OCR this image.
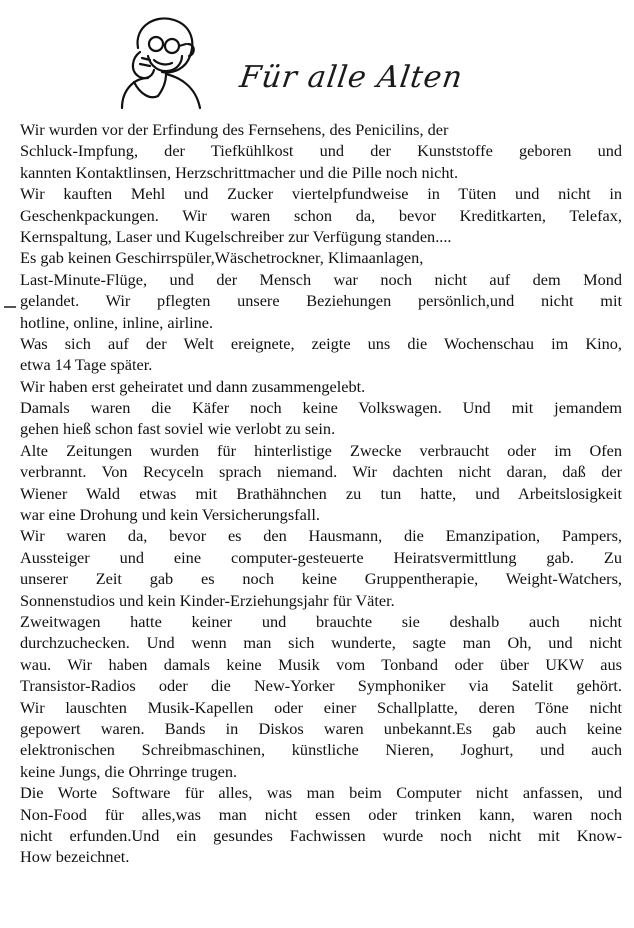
Für alle Alten
Wir wurden vor der Erfindung des Fernsehens, des Penicilins, der
Schluck-Impfung, der Tiefkühlkost und der Kunststoffe geboren und
kannten Kontaktlinsen, Herzschrittmacher und die Pille noch nicht.
Wir kauften Mehl und Zucker viertelpfundweise in Tüten und nicht in
Geschenkpackungen. Wir waren schon da, bevor Kreditkarten, Telefax,
Kernspaltung, Laser und Kugelschreiber zur Verfügung standen....
Es gab keinen Geschirrspüler,Wäschetrockner, Klimaanlagen,
Last-Minute-Flüge, und der Mensch war noch nicht auf dem Mond
gelandet. Wir pflegten unsere Beziehungen persönlich,und nicht mit
hotline, online, inline, airline.
Was sich auf der Welt ereignete, zeigte uns die Wochenschau im Kino,
etwa 14 Tage später.
Wir haben erst geheiratet und dann zusammengelebt.
Damals waren die Käfer noch keine Volkswagen. Und mit jemandem
gehen hieß schon fast soviel wie verlobt zu sein.
Alte Zeitungen wurden für hinterlistige Zwecke verbraucht oder im Ofen
verbrannt. Von Recyceln sprach niemand. Wir dachten nicht daran, daß der
Wiener Wald etwas mit Brathähnchen zu tun hatte, und Arbeitslosigkeit
war eine Drohung und kein Versicherungsfall.
Wir waren da, bevor es den Hausmann, die Emanzipation, Pampers,
Aussteiger und eine computer-gesteuerte Heiratsvermittlung gab. Zu
unserer Zeit gab es noch keine Gruppentherapie, Weight-Watchers,
Sonnenstudios und kein Kinder-Erziehungsjahr für Väter.
Zweitwagen hatte keiner und brauchte sie deshalb auch nicht
durchzuchecken. Und wenn man sich wunderte, sagte man Oh, und nicht
wau. Wir haben damals keine Musik vom Tonband oder über UKW aus
Transistor-Radios oder die New-Yorker Symphoniker via Satelit gehört.
Wir lauschten Musik-Kapellen oder einer Schallplatte, deren Töne nicht
gepowert waren. Bands in Diskos waren unbekannt.Es gab auch keine
elektronischen Schreibmaschinen, künstliche Nieren, Joghurt, und auch
keine Jungs, die Ohrringe trugen.
Die Worte Software für alles, was man beim Computer nicht anfassen, und
Non-Food für alles,was man nicht essen oder trinken kann, waren noch
nicht erfunden.Und ein gesundes Fachwissen wurde noch nicht mit Know-
How bezeichnet.
